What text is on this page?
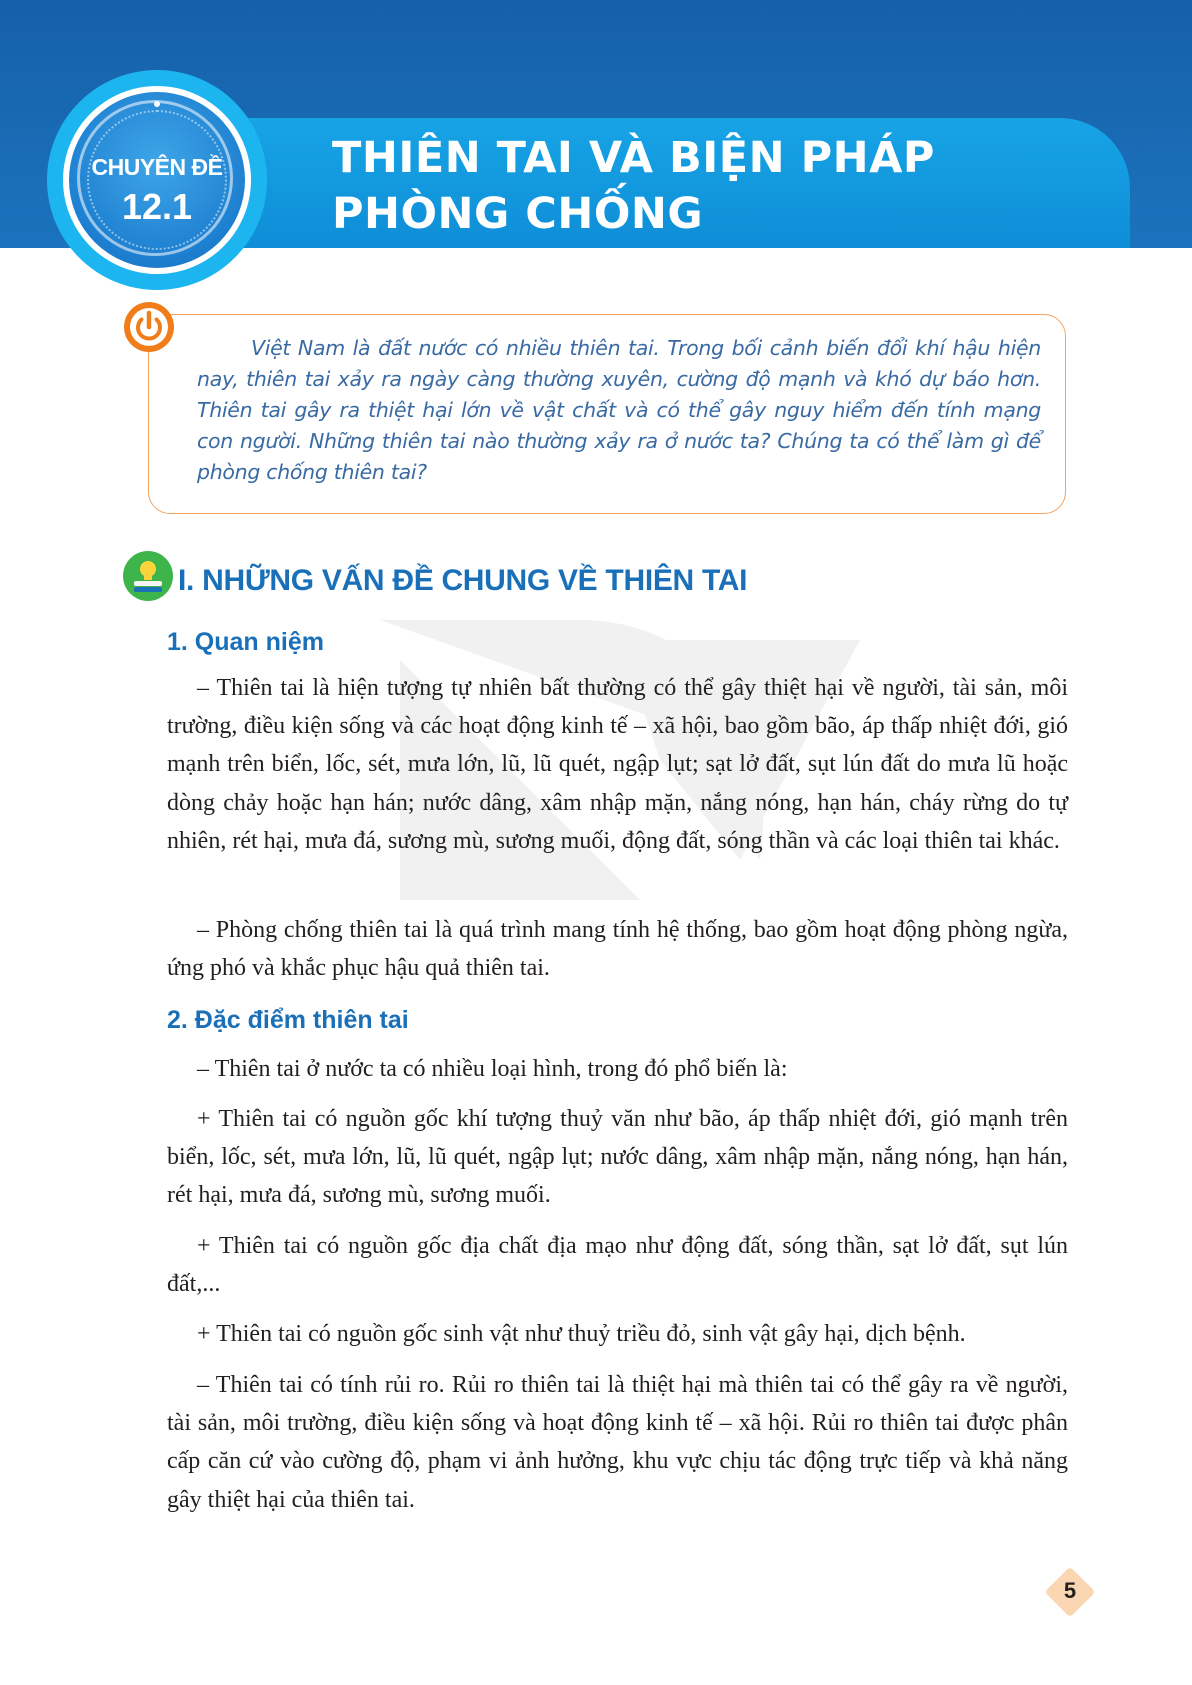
CHUYÊN ĐỀ
12.1
THIÊN TAI VÀ BIỆN PHÁP
PHÒNG CHỐNG
Việt Nam là đất nước có nhiều thiên tai. Trong bối cảnh biến đổi khí hậu hiện nay, thiên tai xảy ra ngày càng thường xuyên, cường độ mạnh và khó dự báo hơn. Thiên tai gây ra thiệt hại lớn về vật chất và có thể gây nguy hiểm đến tính mạng con người. Những thiên tai nào thường xảy ra ở nước ta? Chúng ta có thể làm gì để phòng chống thiên tai?
I. NHỮNG VẤN ĐỀ CHUNG VỀ THIÊN TAI
1. Quan niệm
– Thiên tai là hiện tượng tự nhiên bất thường có thể gây thiệt hại về người, tài sản, môi trường, điều kiện sống và các hoạt động kinh tế – xã hội, bao gồm bão, áp thấp nhiệt đới, gió mạnh trên biển, lốc, sét, mưa lớn, lũ, lũ quét, ngập lụt; sạt lở đất, sụt lún đất do mưa lũ hoặc dòng chảy hoặc hạn hán; nước dâng, xâm nhập mặn, nắng nóng, hạn hán, cháy rừng do tự nhiên, rét hại, mưa đá, sương mù, sương muối, động đất, sóng thần và các loại thiên tai khác.
– Phòng chống thiên tai là quá trình mang tính hệ thống, bao gồm hoạt động phòng ngừa, ứng phó và khắc phục hậu quả thiên tai.
2. Đặc điểm thiên tai
– Thiên tai ở nước ta có nhiều loại hình, trong đó phổ biến là:
+ Thiên tai có nguồn gốc khí tượng thuỷ văn như bão, áp thấp nhiệt đới, gió mạnh trên biển, lốc, sét, mưa lớn, lũ, lũ quét, ngập lụt; nước dâng, xâm nhập mặn, nắng nóng, hạn hán, rét hại, mưa đá, sương mù, sương muối.
+ Thiên tai có nguồn gốc địa chất địa mạo như động đất, sóng thần, sạt lở đất, sụt lún đất,...
+ Thiên tai có nguồn gốc sinh vật như thuỷ triều đỏ, sinh vật gây hại, dịch bệnh.
– Thiên tai có tính rủi ro. Rủi ro thiên tai là thiệt hại mà thiên tai có thể gây ra về người, tài sản, môi trường, điều kiện sống và hoạt động kinh tế – xã hội. Rủi ro thiên tai được phân cấp căn cứ vào cường độ, phạm vi ảnh hưởng, khu vực chịu tác động trực tiếp và khả năng gây thiệt hại của thiên tai.
5
